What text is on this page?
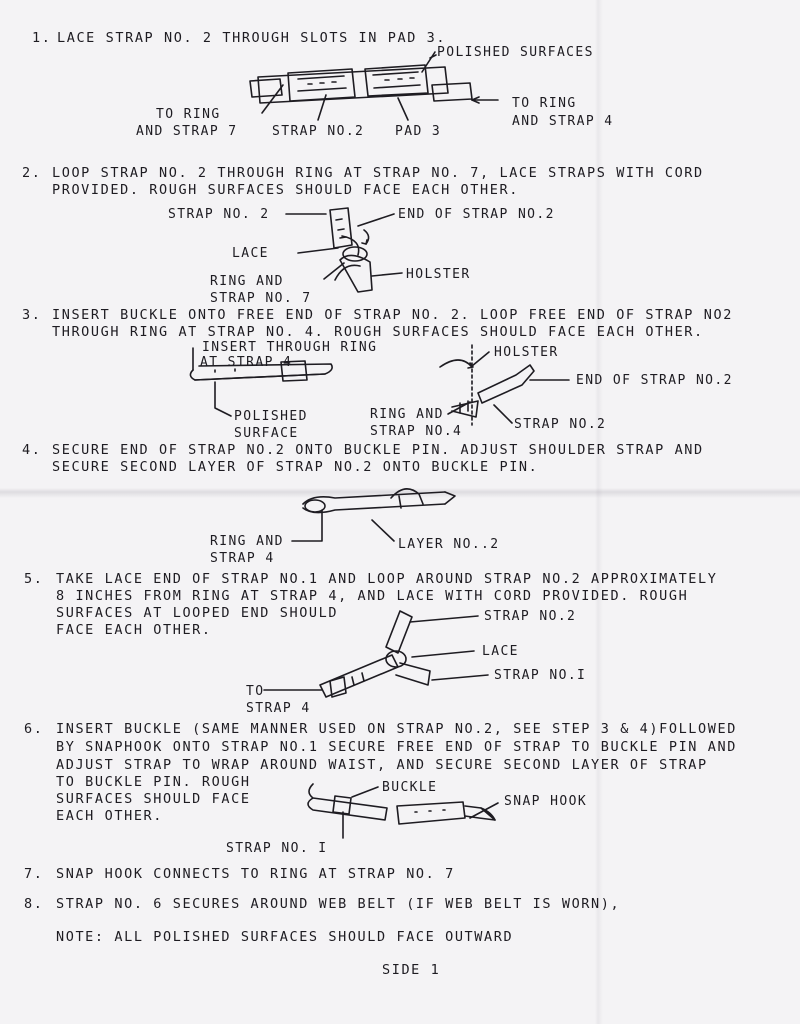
1. LACE STRAP NO. 2 THROUGH SLOTS IN PAD 3.
POLISHED SURFACES
TO RING
AND STRAP 7	STRAP NO.2 PAD 3
TO RING
AND STRAP 4
2. LOOP STRAP NO. 2 THROUGH RING AT STRAP NO. 7, LACE STRAPS WITH CORD
PROVIDED. ROUGH SURFACES SHOULD FACE EACH OTHER.
STRAP NO. 2	END OF STRAP NO.2
LACE
RING AND
STRAP NO. 7
HOLSTER
3. INSERT BUCKLE ONTO FREE END OF STRAP NO. 2. LOOP FREE END OF STRAP NO2
THROUGH RING AT STRAP NO. 4. ROUGH SURFACES SHOULD FACE EACH OTHER.
INSERT THROUGH RING
AT STRAP 4
POLISHED
SURFACE
HOLSTER
END OF STRAP NO.2
RING AND
STRAP NO.4	STRAP NO.2
4. SECURE END OF STRAP NO.2 ONTO BUCKLE PIN. ADJUST SHOULDER STRAP AND
SECURE SECOND LAYER OF STRAP NO.2 ONTO BUCKLE PIN.
RING AND
STRAP 4
LAYER NO..2
5. TAKE LACE END OF STRAP NO.1 AND LOOP AROUND STRAP NO.2 APPROXIMATELY
8 INCHES FROM RING AT STRAP 4, AND LACE WITH CORD PROVIDED. ROUGH
SURFACES AT LOOPED END SHOULD
FACE EACH OTHER.
STRAP NO.2
LACE
STRAP NO.I
TO
STRAP 4
6. INSERT BUCKLE (SAME MANNER USED ON STRAP NO.2, SEE STEP 3 & 4)FOLLOWED
BY SNAPHOOK ONTO STRAP NO.1 SECURE FREE END OF STRAP TO BUCKLE PIN AND
ADJUST STRAP TO WRAP AROUND WAIST, AND SECURE SECOND LAYER OF STRAP
TO BUCKLE PIN. ROUGH
SURFACES SHOULD FACE
EACH OTHER.
BUCKLE
SNAP HOOK
STRAP NO. I
7. SNAP HOOK CONNECTS TO RING AT STRAP NO. 7
8. STRAP NO. 6 SECURES AROUND WEB BELT (IF WEB BELT IS WORN),
NOTE: ALL POLISHED SURFACES SHOULD FACE OUTWARD
SIDE 1
